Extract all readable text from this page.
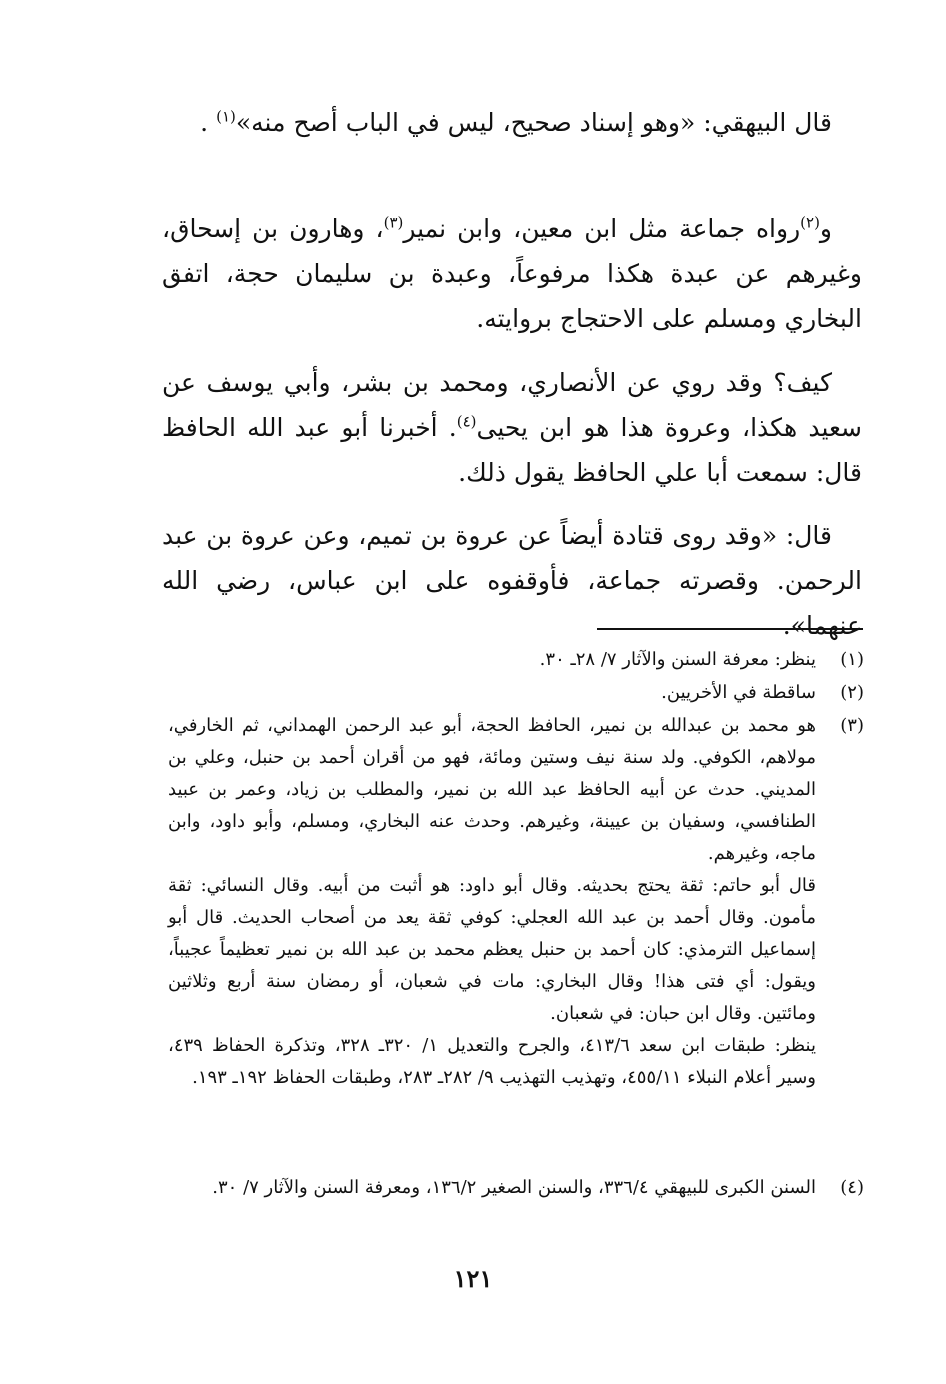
قال البيهقي: «وهو إسناد صحيح، ليس في الباب أصح منه»$^{(١)}$ .

و$^{(٢)}$رواه جماعة مثل ابن معين، وابن نمير$^{(٣)}$، وهارون بن إسحاق، وغيرهم عن عبدة هكذا مرفوعاً، وعبدة بن سليمان حجة، اتفق البخاري ومسلم على الاحتجاج بروايته.

كيف؟ وقد روي عن الأنصاري، ومحمد بن بشر، وأبي يوسف عن سعيد هكذا، وعروة هذا هو ابن يحيى$^{(٤)}$. أخبرنا أبو عبد الله الحافظ قال: سمعت أبا علي الحافظ يقول ذلك.

قال: «وقد روى قتادة أيضاً عن عروة بن تميم، وعن عروة بن عبد الرحمن. وقصرته جماعة، فأوقفوه على ابن عباس، رضي الله عنهما».

(١)
ينظر: معرفة السنن والآثار ٧/ ٢٨ـ ٣٠.
(٢)
ساقطة في الأخريين.
(٣)
هو محمد بن عبدالله بن نمير، الحافظ الحجة، أبو عبد الرحمن الهمداني، ثم الخارفي، مولاهم، الكوفي. ولد سنة نيف وستين ومائة، فهو من أقران أحمد بن حنبل، وعلي بن المديني. حدث عن أبيه الحافظ عبد الله بن نمير، والمطلب بن زياد، وعمر بن عبيد الطنافسي، وسفيان بن عيينة، وغيرهم. وحدث عنه البخاري، ومسلم، وأبو داود، وابن ماجه، وغيرهم.
قال أبو حاتم: ثقة يحتج بحديثه. وقال أبو داود: هو أثبت من أبيه. وقال النسائي: ثقة مأمون. وقال أحمد بن عبد الله العجلي: كوفي ثقة يعد من أصحاب الحديث. قال أبو إسماعيل الترمذي: كان أحمد بن حنبل يعظم محمد بن عبد الله بن نمير تعظيماً عجيباً، ويقول: أي فتى هذا! وقال البخاري: مات في شعبان، أو رمضان سنة أربع وثلاثين ومائتين. وقال ابن حبان: في شعبان.
ينظر: طبقات ابن سعد ٤١٣/٦، والجرح والتعديل ١/ ٣٢٠ـ ٣٢٨، وتذكرة الحفاظ ٤٣٩، وسير أعلام النبلاء ٤٥٥/١١، وتهذيب التهذيب ٩/ ٢٨٢ـ ٢٨٣، وطبقات الحفاظ ١٩٢ـ ١٩٣.
(٤)
السنن الكبرى للبيهقي ٣٣٦/٤، والسنن الصغير ١٣٦/٢، ومعرفة السنن والآثار ٧/ ٣٠.
١٢١
